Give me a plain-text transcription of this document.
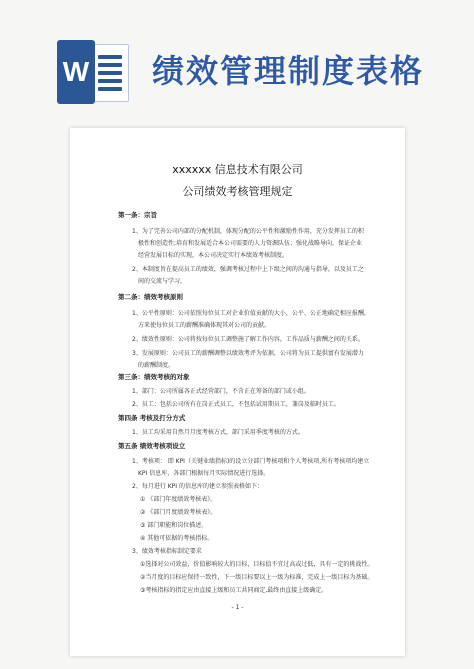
W 绩效管理制度表格
xxxxxx 信息技术有限公司
公司绩效考核管理规定
第一条：宗旨
1、为了完善公司内部的分配机制，体现分配的公平性和激励性作用，充分发挥员工的积
极性和创造性;培育和发展适合本公司需要的人力资源队伍；强化战略导向，保证企业
经营发展目标的实现，本公司决定实行本绩效考核制度。
2、本制度旨在提高员工的绩效，强调考核过程中上下级之间的沟通与指导，以及员工之
间的交流与学习。
第二条：绩效考核原则
1、公平性原则：公司依照每位员工对企业价值贡献的大小，公平、公正地确定相应报酬，
方来使每位员工的薪酬准确体现其对公司的贡献。
2、绩效性原则：公司将按每位员工调整施了解工作内容，工作品质与薪酬之间的关系。
3、发展原则：公司员工的薪酬调整以绩效考评为依据，公司将为员工提供富有发展潜力
的薪酬制度。
第三条：绩效考核的对象
1、部门：公司所属各正式经营部门，不含正在筹备的部门或小组。
2、员工：包括公司所有在岗正式员工，不包括试用期员工，兼岗及临时员工。
第四条 考核及打分方式
1、员工均采用自然月月度考核方式，部门采用季度考核的方式。
第五条 绩效考核项设立
1、考核项： 即 KPI（关键业绩指标)的设立分部门考核项和个人考核项,所有考核项均建立
KPI 信息库，各部门根据每月实际情况进行选择。
2、每月进行 KPI 的信息库的建立参照表格如下：
① 《部门年度绩效考核表》。
② 《部门月度绩效考核表》。
③ 部门职能和岗位描述。
④ 其他可依据的考核指标。
3、绩效考核指标制定要求
①选择对公司效益，价值影响较大的目标，目标值不宜过高或过低，具有一定的挑战性。
②当月度的目标应保持一致性，下一级目标要以上一级为标准，完成上一级目标为基础。
③考核指标的指定应由直接上级和员工共同商定,最终由直接上级确定。
- 1 -
